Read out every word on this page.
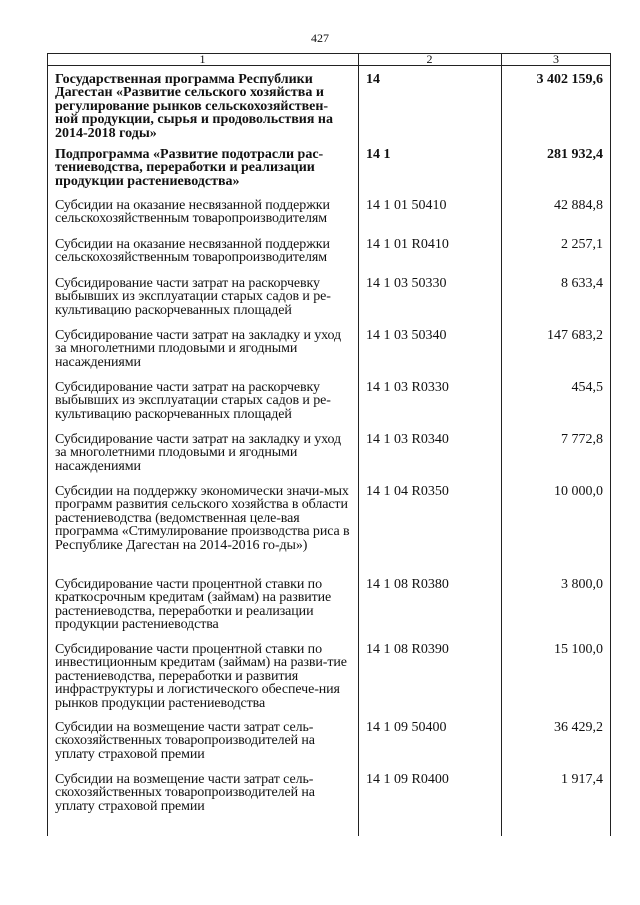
427
1	2	3
Государственная программа Республики Дагестан «Развитие сельского хозяйства и регулирование рынков сельскохозяйствен-ной продукции, сырья и продовольствия на 2014-2018 годы»
14	3 402 159,6
Подпрограмма «Развитие подотрасли рас-тениеводства, переработки и реализации продукции растениеводства»
14 1	281 932,4
Субсидии на оказание несвязанной поддержки сельскохозяйственным товаропроизводителям
14 1 01 50410	42 884,8
Субсидии на оказание несвязанной поддержки сельскохозяйственным товаропроизводителям
14 1 01 R0410	2 257,1
Субсидирование части затрат на раскорчевку выбывших из эксплуатации старых садов и ре-культивацию раскорчеванных площадей
14 1 03 50330	8 633,4
Субсидирование части затрат на закладку и уход за многолетними плодовыми и ягодными насаждениями
14 1 03 50340	147 683,2
Субсидирование части затрат на раскорчевку выбывших из эксплуатации старых садов и ре-культивацию раскорчеванных площадей
14 1 03 R0330	454,5
Субсидирование части затрат на закладку и уход за многолетними плодовыми и ягодными насаждениями
14 1 03 R0340	7 772,8
Субсидии на поддержку экономически значи-мых программ развития сельского хозяйства в области растениеводства (ведомственная целе-вая программа «Стимулирование производства риса в Республике Дагестан на 2014-2016 го-ды»)
14 1 04 R0350	10 000,0
Субсидирование части процентной ставки по краткосрочным кредитам (займам) на развитие растениеводства, переработки и реализации продукции растениеводства
14 1 08 R0380	3 800,0
Субсидирование части процентной ставки по инвестиционным кредитам (займам) на разви-тие растениеводства, переработки и развития инфраструктуры и логистического обеспече-ния рынков продукции растениеводства
14 1 08 R0390	15 100,0
Субсидии на возмещение части затрат сель-скохозяйственных товаропроизводителей на уплату страховой премии
14 1 09 50400	36 429,2
Субсидии на возмещение части затрат сель-скохозяйственных товаропроизводителей на уплату страховой премии
14 1 09 R0400	1 917,4
